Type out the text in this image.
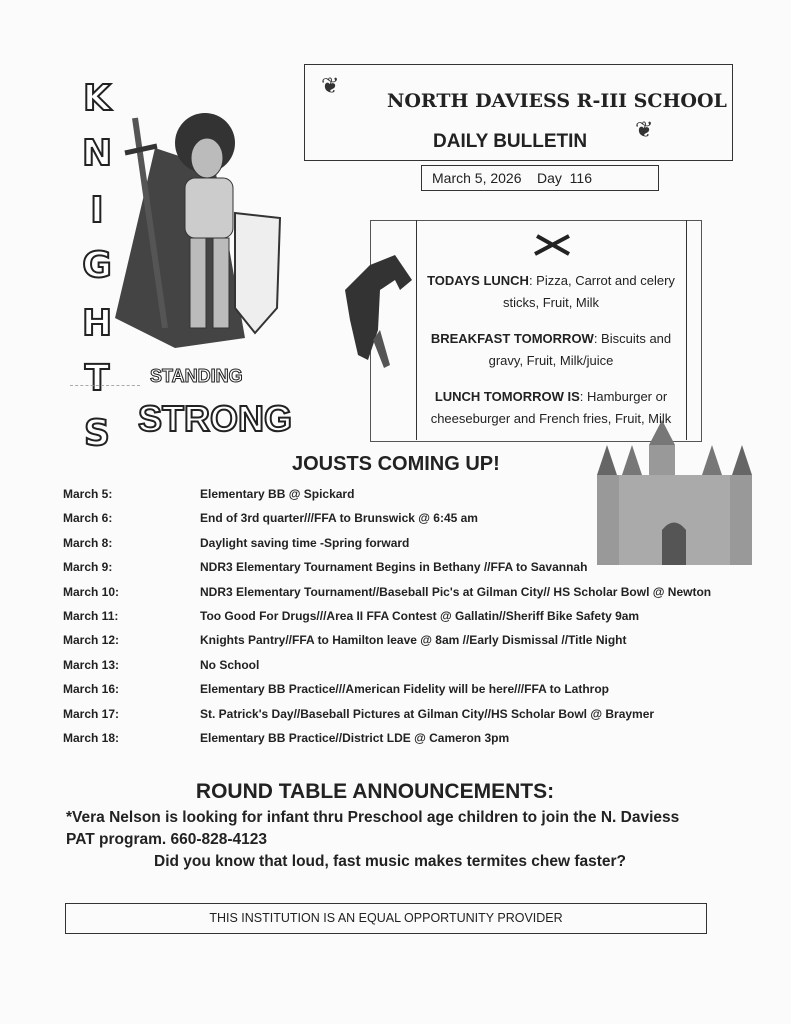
K
N
I
G
H
T
S
STANDING
STRONG
❦
NORTH DAVIESS R-III SCHOOL
DAILY BULLETIN ❦
March 5, 2026 Day  116

TODAYS LUNCH: Pizza, Carrot and celery sticks, Fruit, Milk

BREAKFAST TOMORROW: Biscuits and gravy, Fruit, Milk/juice

LUNCH TOMORROW IS: Hamburger or cheeseburger and French fries, Fruit, Milk

JOUSTS COMING UP!
March 5:	Elementary BB @ Spickard
March 6:	End of 3rd quarter///FFA to Brunswick @ 6:45 am
March 8:	Daylight saving time -Spring forward
March 9:	NDR3 Elementary Tournament Begins in Bethany //FFA to Savannah
March 10:	NDR3 Elementary Tournament//Baseball Pic's at Gilman City// HS Scholar Bowl @ Newton
March 11:	Too Good For Drugs///Area II FFA Contest @ Gallatin//Sheriff Bike Safety 9am
March 12:	Knights Pantry//FFA to Hamilton leave @ 8am //Early Dismissal //Title Night
March 13:	No School
March 16:	Elementary BB Practice///American Fidelity will be here///FFA to Lathrop
March 17:	St. Patrick's Day//Baseball Pictures at Gilman City//HS Scholar Bowl @ Braymer
March 18:	Elementary BB Practice//District LDE @ Cameron 3pm
ROUND TABLE ANNOUNCEMENTS:
*Vera Nelson is looking for infant thru Preschool age children to join the N. Daviess PAT program. 660-828-4123
Did you know that loud, fast music makes termites chew faster?
THIS INSTITUTION IS AN EQUAL OPPORTUNITY PROVIDER
